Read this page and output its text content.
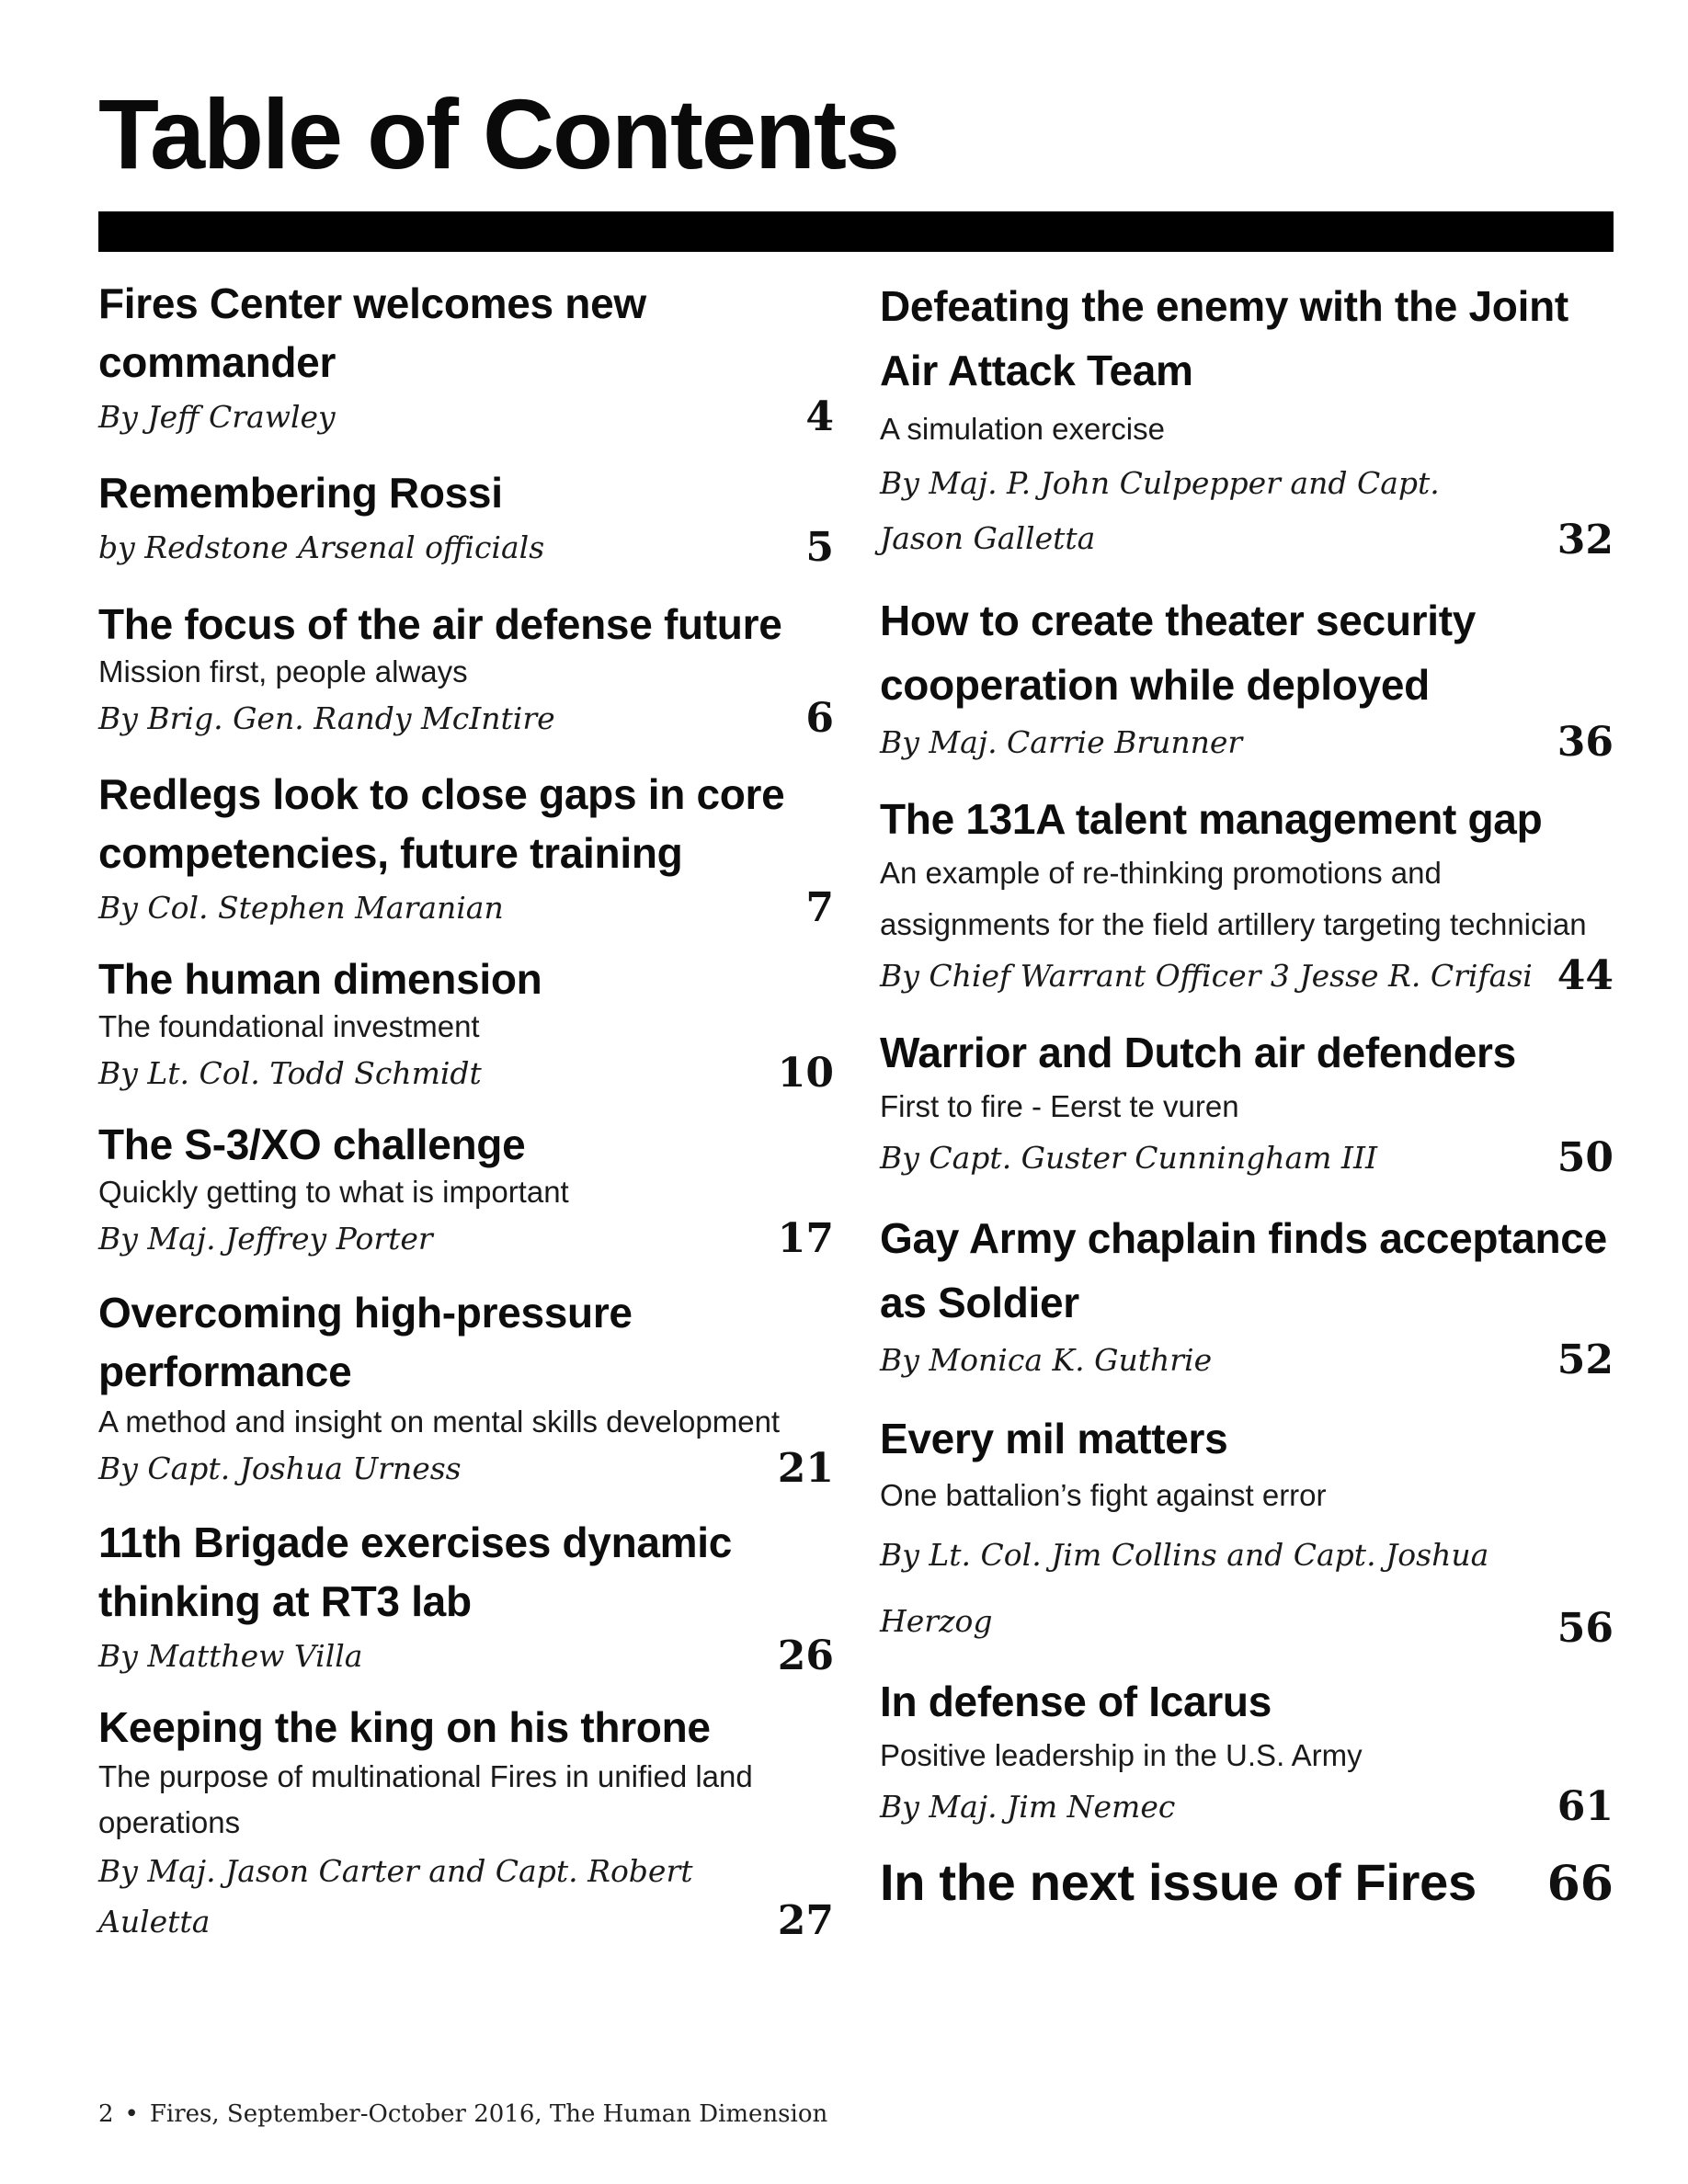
Table of Contents
Fires Center welcomes new commander
By Jeff Crawley	4
Remembering Rossi
by Redstone Arsenal officials	5
The focus of the air defense future
Mission first, people always
By Brig. Gen. Randy McIntire	6
Redlegs look to close gaps in core competencies, future training
By Col. Stephen Maranian	7
The human dimension
The foundational investment
By Lt. Col. Todd Schmidt	10
The S-3/XO challenge
Quickly getting to what is important
By Maj. Jeffrey Porter	17
Overcoming high-pressure performance
A method and insight on mental skills development
By Capt. Joshua Urness	21
11th Brigade exercises dynamic thinking at RT3 lab
By Matthew Villa	26
Keeping the king on his throne
The purpose of multinational Fires in unified land operations
By Maj. Jason Carter and Capt. Robert Auletta	27
Defeating the enemy with the Joint Air Attack Team
A simulation exercise
By Maj. P. John Culpepper and Capt. Jason Galletta	32
How to create theater security cooperation while deployed
By Maj. Carrie Brunner	36
The 131A talent management gap
An example of re-thinking promotions and assignments for the field artillery targeting technician
By Chief Warrant Officer 3 Jesse R. Crifasi 44
Warrior and Dutch air defenders
First to fire - Eerst te vuren
By Capt. Guster Cunningham III	50
Gay Army chaplain finds acceptance as Soldier
By Monica K. Guthrie	52
Every mil matters
One battalion’s fight against error
By Lt. Col. Jim Collins and Capt. Joshua Herzog	56
In defense of Icarus
Positive leadership in the U.S. Army
By Maj. Jim Nemec	61
In the next issue of Fires 66
2 • Fires, September-October 2016, The Human Dimension
